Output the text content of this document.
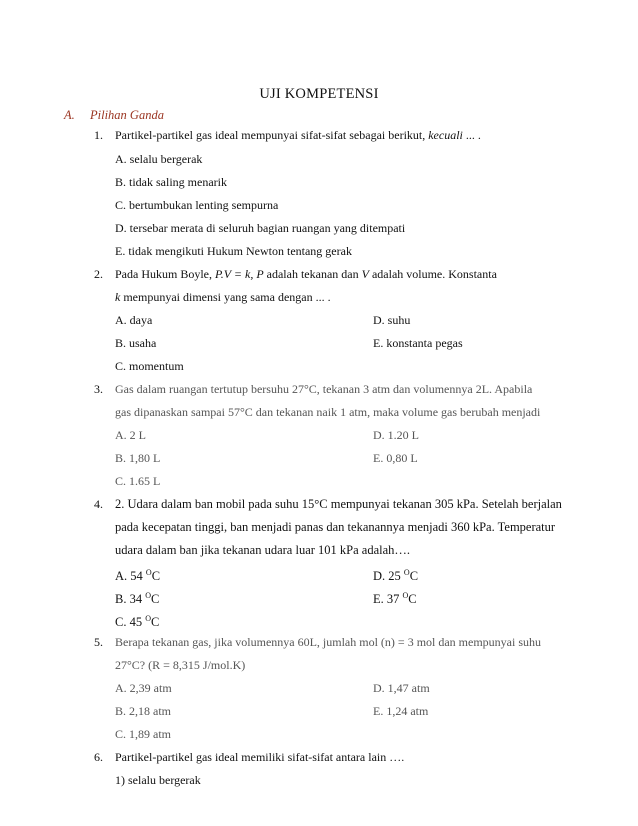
UJI KOMPETENSI
A. Pilihan Ganda
1. Partikel-partikel gas ideal mempunyai sifat-sifat sebagai berikut, kecuali ... .
A. selalu bergerak
B. tidak saling menarik
C. bertumbukan lenting sempurna
D. tersebar merata di seluruh bagian ruangan yang ditempati
E. tidak mengikuti Hukum Newton tentang gerak
2. Pada Hukum Boyle, P.V = k, P adalah tekanan dan V adalah volume. Konstanta
k mempunyai dimensi yang sama dengan ... .
A. daya	D. suhu
B. usaha	E. konstanta pegas
C. momentum
3. Gas dalam ruangan tertutup bersuhu 27°C, tekanan 3 atm dan volumennya 2L. Apabila
gas dipanaskan sampai 57°C dan tekanan naik 1 atm, maka volume gas berubah menjadi
A. 2 L	D. 1.20 L
B. 1,80 L	E. 0,80 L
C. 1.65 L
4. 2. Udara dalam ban mobil pada suhu 15°C mempunyai tekanan 305 kPa. Setelah berjalan
pada kecepatan tinggi, ban menjadi panas dan tekanannya menjadi 360 kPa. Temperatur
udara dalam ban jika tekanan udara luar 101 kPa adalah….
A. 54 $^O$C	D. 25 $^O$C
B. 34 $^O$C	E. 37 $^O$C
C. 45 $^O$C
5. Berapa tekanan gas, jika volumennya 60L, jumlah mol (n) = 3 mol dan mempunyai suhu
27°C? (R = 8,315 J/mol.K)
A. 2,39 atm	D. 1,47 atm
B. 2,18 atm	E. 1,24 atm
C. 1,89 atm
6. Partikel-partikel gas ideal memiliki sifat-sifat antara lain ….
1) selalu bergerak
